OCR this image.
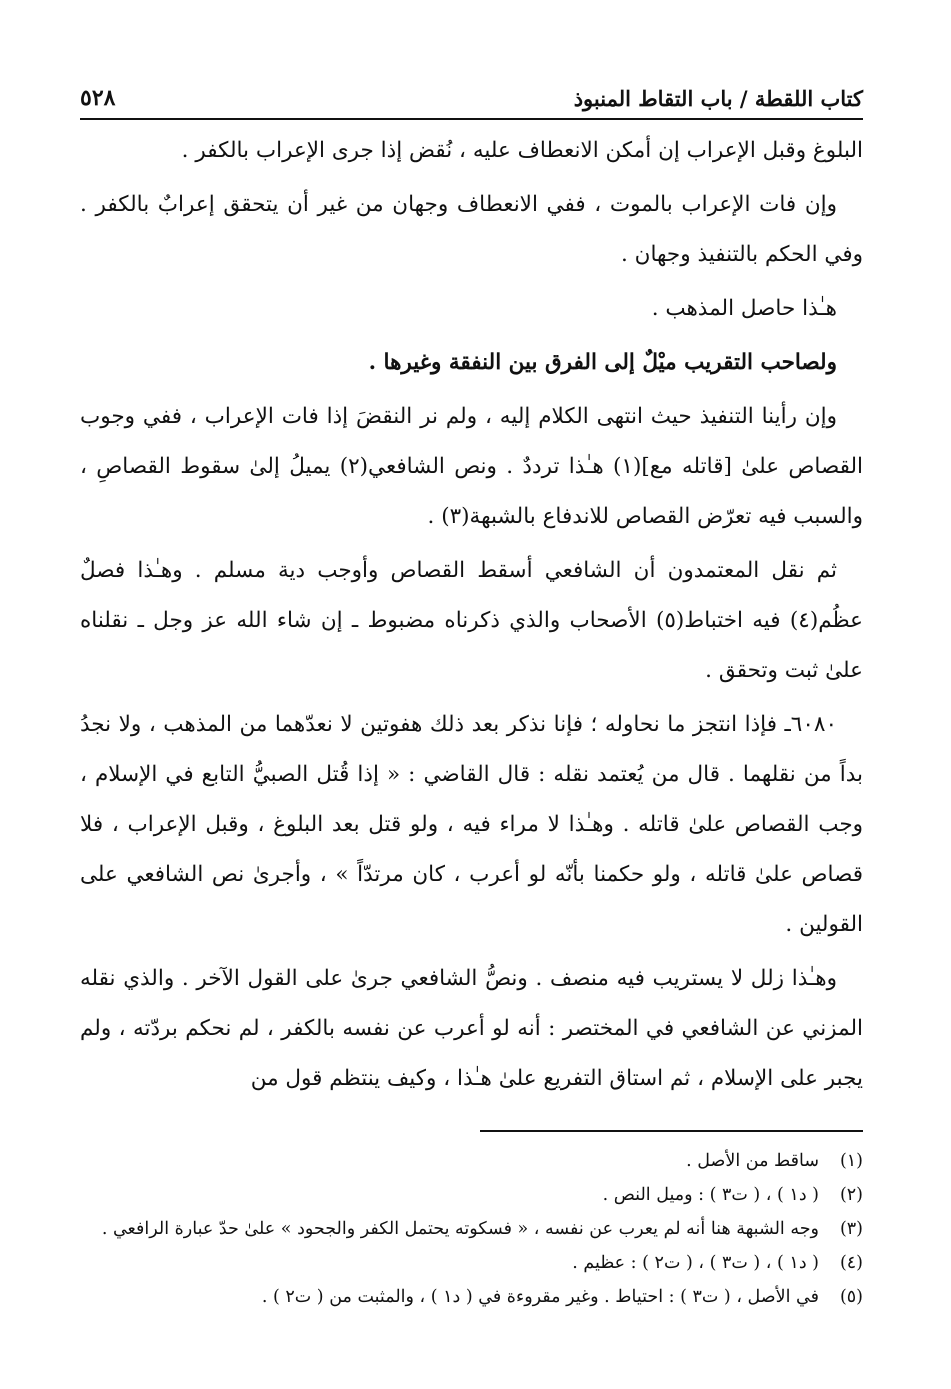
٥٢٨	كتاب اللقطة / باب التقاط المنبوذ

البلوغ وقبل الإعراب إن أمكن الانعطاف عليه ، نُقض إذا جرى الإعراب بالكفر .

وإن فات الإعراب بالموت ، ففي الانعطاف وجهان من غير أن يتحقق إعرابٌ بالكفر . وفي الحكم بالتنفيذ وجهان .

هـٰذا حاصل المذهب .

ولصاحب التقريب ميْلٌ إلى الفرق بين النفقة وغيرها .

وإن رأينا التنفيذ حيث انتهى الكلام إليه ، ولم نر النقضَ إذا فات الإعراب ، ففي وجوب القصاص علىٰ [قاتله مع](١) هـٰذا ترددٌ . ونص الشافعي(٢) يميلُ إلىٰ سقوط القصاصِ ، والسبب فيه تعرّض القصاص للاندفاع بالشبهة(٣) .

ثم نقل المعتمدون أن الشافعي أسقط القصاص وأوجب دية مسلم . وهـٰذا فصلٌ عظُم(٤) فيه اختباط(٥) الأصحاب والذي ذكرناه مضبوط ـ إن شاء الله عز وجل ـ نقلناه علىٰ ثبت وتحقق .

٦٠٨٠ـ فإذا انتجز ما نحاوله ؛ فإنا نذكر بعد ذلك هفوتين لا نعدّهما من المذهب ، ولا نجدُ بداً من نقلهما . قال من يُعتمد نقله : قال القاضي : « إذا قُتل الصبيُّ التابع في الإسلام ، وجب القصاص علىٰ قاتله . وهـٰذا لا مراء فيه ، ولو قتل بعد البلوغ ، وقبل الإعراب ، فلا قصاص علىٰ قاتله ، ولو حكمنا بأنّه لو أعرب ، كان مرتدّاً » ، وأجرىٰ نص الشافعي على القولين .

وهـٰذا زلل لا يستريب فيه منصف . ونصُّ الشافعي جرىٰ على القول الآخر . والذي نقله المزني عن الشافعي في المختصر : أنه لو أعرب عن نفسه بالكفر ، لم نحكم بردّته ، ولم يجبر على الإسلام ، ثم استاق التفريع علىٰ هـٰذا ، وكيف ينتظم قول من

(١)
ساقط من الأصل .
(٢)
( د١ ) ، ( ت٣ ) : وميل النص .
(٣)
وجه الشبهة هنا أنه لم يعرب عن نفسه ، « فسكوته يحتمل الكفر والجحود » علىٰ حدّ عبارة الرافعي .
(٤)
( د١ ) ، ( ت٣ ) ، ( ت٢ ) : عظيم .
(٥)
في الأصل ، ( ت٣ ) : احتياط . وغير مقروءة في ( د١ ) ، والمثبت من ( ت٢ ) .
